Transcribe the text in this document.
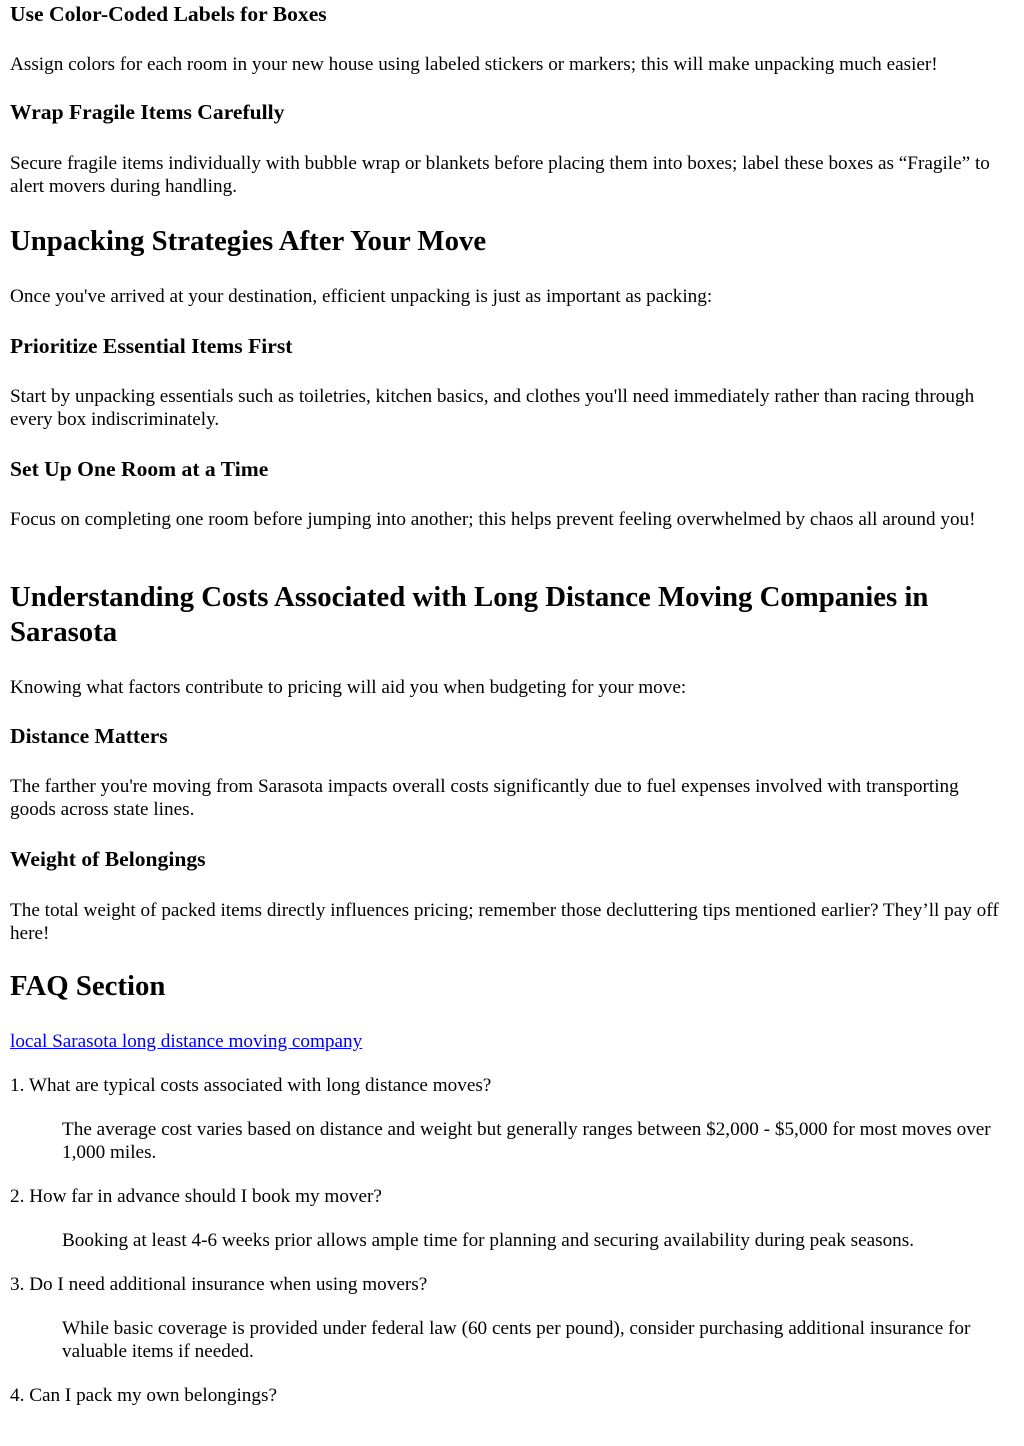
Use Color-Coded Labels for Boxes

Assign colors for each room in your new house using labeled stickers or markers; this will make unpacking much easier!

Wrap Fragile Items Carefully

Secure fragile items individually with bubble wrap or blankets before placing them into boxes; label these boxes as “Fragile” to alert movers during handling.

Unpacking Strategies After Your Move

Once you've arrived at your destination, efficient unpacking is just as important as packing:

Prioritize Essential Items First

Start by unpacking essentials such as toiletries, kitchen basics, and clothes you'll need immediately rather than racing through every box indiscriminately.

Set Up One Room at a Time

Focus on completing one room before jumping into another; this helps prevent feeling overwhelmed by chaos all around you!

Understanding Costs Associated with Long Distance Moving Companies in Sarasota

Knowing what factors contribute to pricing will aid you when budgeting for your move:

Distance Matters

The farther you're moving from Sarasota impacts overall costs significantly due to fuel expenses involved with transporting goods across state lines.

Weight of Belongings

The total weight of packed items directly influences pricing; remember those decluttering tips mentioned earlier? They’ll pay off here!

FAQ Section

local Sarasota long distance moving company

1. What are typical costs associated with long distance moves?

The average cost varies based on distance and weight but generally ranges between $2,000 - $5,000 for most moves over 1,000 miles.

2. How far in advance should I book my mover?

Booking at least 4-6 weeks prior allows ample time for planning and securing availability during peak seasons.

3. Do I need additional insurance when using movers?

While basic coverage is provided under federal law (60 cents per pound), consider purchasing additional insurance for valuable items if needed.

4. Can I pack my own belongings?
